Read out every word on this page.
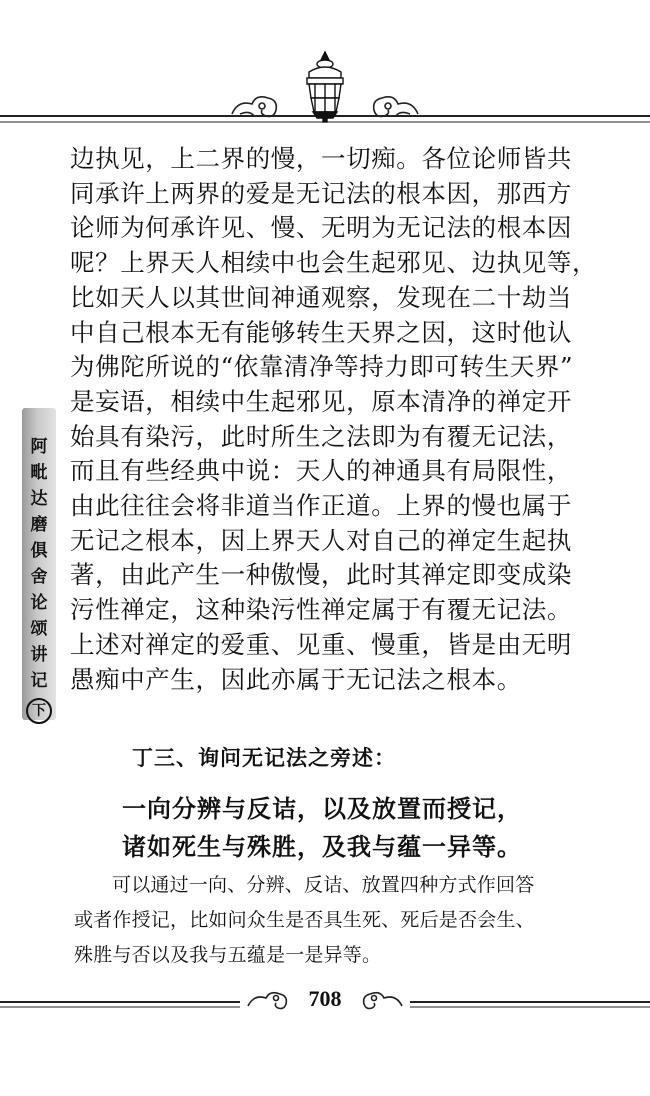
阿
毗
达
磨
俱
舍
论
颂
讲
记
下
边执见，上二界的慢，一切痴。各位论师皆共
同承许上两界的爱是无记法的根本因，那西方
论师为何承许见、慢、无明为无记法的根本因
呢？上界天人相续中也会生起邪见、边执见等，
比如天人以其世间神通观察，发现在二十劫当
中自己根本无有能够转生天界之因，这时他认
为佛陀所说的“依靠清净等持力即可转生天界”
是妄语，相续中生起邪见，原本清净的禅定开
始具有染污，此时所生之法即为有覆无记法，
而且有些经典中说：天人的神通具有局限性，
由此往往会将非道当作正道。上界的慢也属于
无记之根本，因上界天人对自己的禅定生起执
著，由此产生一种傲慢，此时其禅定即变成染
污性禅定，这种染污性禅定属于有覆无记法。
上述对禅定的爱重、见重、慢重，皆是由无明
愚痴中产生，因此亦属于无记法之根本。
丁三、询问无记法之旁述：
一向分辨与反诘，以及放置而授记，
诸如死生与殊胜，及我与蕴一异等。
可以通过一向、分辨、反诘、放置四种方式作回答
或者作授记，比如问众生是否具生死、死后是否会生、
殊胜与否以及我与五蕴是一是异等。
708
